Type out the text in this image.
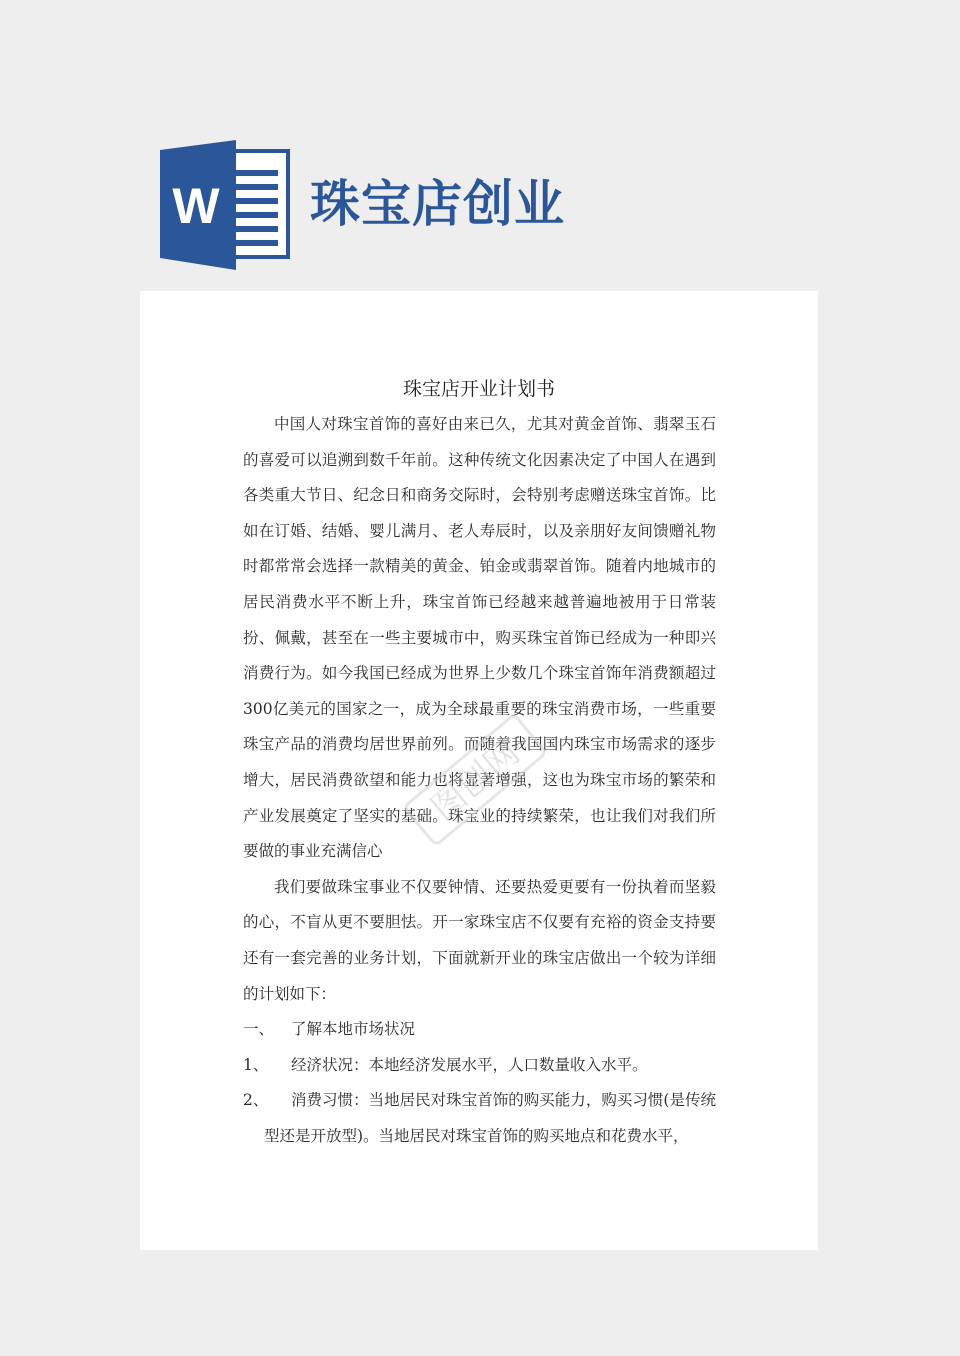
W 珠宝店创业
珠宝店开业计划书

中国人对珠宝首饰的喜好由来已久，尤其对黄金首饰、翡翠玉石的喜爱可以追溯到数千年前。这种传统文化因素决定了中国人在遇到各类重大节日、纪念日和商务交际时，会特别考虑赠送珠宝首饰。比如在订婚、结婚、婴儿满月、老人寿辰时，以及亲朋好友间馈赠礼物时都常常会选择一款精美的黄金、铂金或翡翠首饰。随着内地城市的居民消费水平不断上升，珠宝首饰已经越来越普遍地被用于日常装扮、佩戴，甚至在一些主要城市中，购买珠宝首饰已经成为一种即兴消费行为。如今我国已经成为世界上少数几个珠宝首饰年消费额超过300亿美元的国家之一，成为全球最重要的珠宝消费市场，一些重要珠宝产品的消费均居世界前列。而随着我国国内珠宝市场需求的逐步增大，居民消费欲望和能力也将显著增强，这也为珠宝市场的繁荣和产业发展奠定了坚实的基础。珠宝业的持续繁荣，也让我们对我们所要做的事业充满信心

我们要做珠宝事业不仅要钟情、还要热爱更要有一份执着而坚毅的心，不盲从更不要胆怯。开一家珠宝店不仅要有充裕的资金支持要还有一套完善的业务计划，下面就新开业的珠宝店做出一个较为详细的计划如下：

一、	了解本地市场状况

1、	经济状况：本地经济发展水平，人口数量收入水平。

2、 消费习惯：当地居民对珠宝首饰的购买能力，购买习惯(是传统型还是开放型)。当地居民对珠宝首饰的购买地点和花费水平，

图创网
